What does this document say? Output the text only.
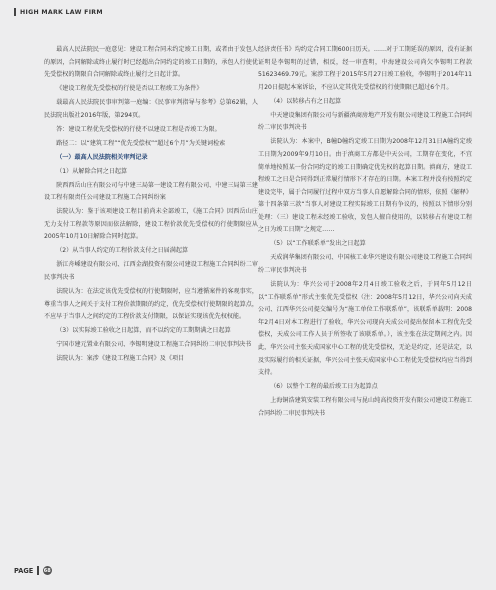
HIGH MARK LAW FIRM

最高人民法院民一庭意见：建设工程合同未约定竣工日期，或者由于发包人的原因，合同解除或终止履行时已经超出合同约定的竣工日期的，承包人行使优先受偿权的期限自合同解除或终止履行之日起计算。

《建设工程优先受偿权的行使是否以工程竣工为条件》

载最高人民法院民事审判第一庭编：《民事审判指导与参考》总第62辑，人民法院出版社2016年版，第294页。

答：建设工程优先受偿权的行使不以建设工程是否竣工为限。

路径二：以“建筑工程”“优先受偿权”“超过6个月”为关键词检索

（一）最高人民法院相关审判记录

（1）从解除合同之日起算

陕西西岳山庄有限公司与中建三局第一建设工程有限公司、中建三局第三建设工程有限责任公司建设工程施工合同纠纷案

法院认为：鉴于该项建设工程目前尚未全部竣工，《施工合同》因西岳山庄无力支付工程款等原因而依法解除，建设工程价款优先受偿权的行使期限应从2005年10月10日解除合同时起算。

（2）从当事人约定的工程价款支付之日届满起算

浙江舟嵊建设有限公司、江西金湖投资有限公司建设工程施工合同纠纷二审民事判决书

法院认为：在法定该优先受偿权的行使期限时，应当遵循案件的客观事实，尊重当事人之间关于支付工程价款期限的约定，优先受偿权行使期限的起算点，不应早于当事人之间约定的工程价款支付期限，以保证实现该优先权权能。

（3）以实际竣工验收之日起算，而不以约定的工期期满之日起算

宁国市建元置业有限公司、李锡明建设工程施工合同纠纷二审民事判决书

法院认为：案涉《建设工程施工合同》及《项目

经济责任书》均约定合同工期600日历天。……对于工期延误的原因，没有证据证明是李锡明的过错，相反，经一审查明，中海建设公司尚欠李锡明工程款51623469.79元。案涉工程于2015年5月27日竣工验收，李锡明于2014年11月20日提起本案诉讼，不应认定其优先受偿权的行使期限已超过6个月。

（4）以转移占有之日起算

中天建设集团有限公司与新疆滇商房地产开发有限公司建设工程施工合同纠纷二审民事判决书

法院认为：本案中，B幢D幢约定竣工日期为2008年12月31日A幢约定竣工日期为2009年9月10日。由于滇商工方都是中天公司，工期存在变化，不宜简单地按照某一份合同约定的竣工日期确定优先权的起算日期。滇商方，建设工程竣工之日是合同得到正常履行情形下才存在的日期。本案工程并没有按照约定建设完毕，属于合同履行过程中双方当事人自愿解除合同的情形，依照《解释》第十四条第三款“当事人对建设工程实际竣工日期有争议的，按照以下情形分别处理：（三）建设工程未经竣工验收，发包人擅自使用的，以转移占有建设工程之日为竣工日期”之规定……

（5）以“工作联系单”发出之日起算

天成润华集团有限公司、中国核工业华兴建设有限公司建设工程施工合同纠纷二审民事判决书

法院认为：华兴公司于2008年2月4日竣工验收之后，于同年5月12日以“工作联系单”形式主张优先受偿权（注：2008年5月12日，华兴公司向天成公司、江西华兴公司提交编号为“施工单位工作联系单”，该联系单载明：2008年2月4日对本工程进行了验收，华兴公司现向天成公司提出保留本工程优先受偿权，天成公司工作人员于所签收了该联系单。），该主张在法定期间之内。因此，华兴公司主张天成国家中心工程的优先受偿权，无论是约定，还是法定，以及实际履行的相关证据，华兴公司主张天成国家中心工程优先受偿权均应当得到支持。

（6）以整个工程的最后竣工日为起算点

上海铜浩建筑安装工程有限公司与昆山纯高投资开发有限公司建设工程施工合同纠纷二审民事判决书

PAGE 68
